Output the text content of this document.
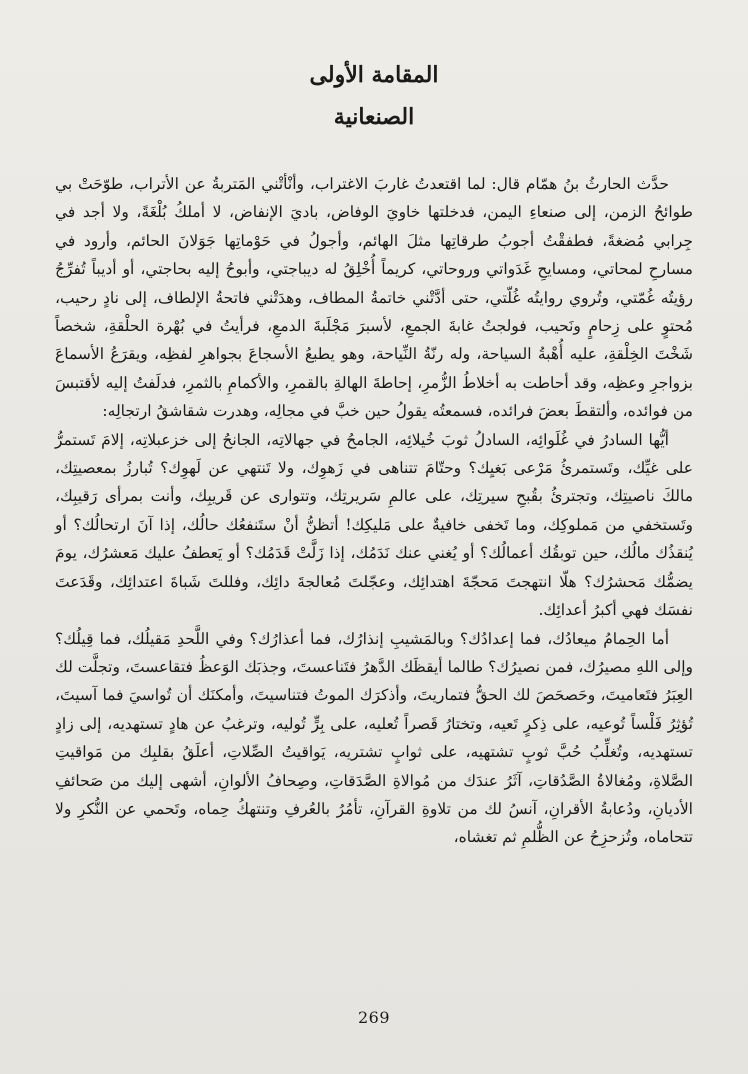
المقامة الأولى
الصنعانية

حدَّث الحارثُ بنُ همّام قال: لما اقتعدتُ غاربَ الاغتراب، وأنْأتْني المَتربةُ عن الأتراب، طوّحَتْ بي طوائحُ الزمن، إلى صنعاءِ اليمن، فدخلتها خاويَ الوفاض، باديَ الإنفاض، لا أملكُ بُلْغَةً، ولا أجد في جِرابي مُضغةً، فطفقْتُ أجوبُ طرقاتِها مثلَ الهائم، وأجولُ في حَوْماتِها جَوَلانَ الحائم، وأرود في مسارحِ لمحاتي، ومسايحِ غَدَواتي وروحاتي، كريماً أُخْلِقُ له ديباجتي، وأبوحُ إليه بحاجتي، أو أديباً تُفرِّجُ رؤيتُه غُمّتي، وتُروي روايتُه غُلّتي، حتى أدَّتْني خاتمةُ المطاف، وهدَتْني فاتحةُ الإلطاف، إلى نادٍ رحيب، مُحتوٍ على زِحامٍ ونَحيب، فولجتُ غابةَ الجمعِ، لأسبرَ مَجْلَبةَ الدمعِ، فرأيتُ في بُهْرة الحلْقةِ، شخصاً شَخْتَ الخِلْقةِ، عليه أُهْبةُ السياحة، وله رنّةُ النِّياحة، وهو يطبعُ الأسجاعَ بجواهرِ لفظِه، ويقرَعُ الأسماعَ بزواجرِ وعظِه، وقد أحاطت به أخلاطُ الزُّمرِ، إحاطةَ الهالةِ بالقمرِ، والأكمامِ بالثمرِ، فدلَفتُ إليه لأقتبسَ من فوائده، وألتقطَ بعضَ فرائده، فسمعتُه يقولُ حين خبَّ في مجالِه، وهدرت شقاشقُ ارتجالِه:

أيُّها السادرُ في غُلَوائِه، السادلُ ثوبَ خُيلائِه، الجامحُ في جهالاتِه، الجانحُ إلى خزعبلاتِه، إلامَ تَستمرُّ على غيِّك، وتَستمرئُ مَرْعى بَغيِك؟ وحتّامَ تتناهى في زَهوِك، ولا تَنتهي عن لَهوِك؟ تُبارزُ بمعصيتِك، مالكَ ناصيتِك، وتجترئُ بقُبحِ سيرتِك، على عالمِ سَريرتِك، وتتوارى عن قَريبِك، وأنت بمرأى رَقيبِك، وتَستخفي من مَملوكِك، وما تَخفى خافيةٌ على مَليكِك! أتظنُّ أنْ ستَنفعُك حالُك، إذا آنَ ارتحالُك؟ أو يُنقذُك مالُك، حين توبقُك أعمالُك؟ أو يُغني عنك نَدَمُك، إذا زَلَّتْ قَدَمُك؟ أو يَعطفُ عليك مَعشرُك، يومَ يضمُّك مَحشرُك؟ هلّا انتهجتَ مَحجّةَ اهتدائِك، وعجّلتَ مُعالجةَ دائِك، وفللتَ شَباةَ اعتدائِك، وقَدَعتَ نفسَك فهي أكبرُ أعدائِك.

أما الحِمامُ ميعادُك، فما إعدادُك؟ وبالمَشيبِ إنذارُك، فما أعذارُك؟ وفي اللَّحدِ مَقيلُك، فما قِيلُك؟ وإلى اللهِ مصيرُك، فمن نصيرُك؟ طالما أيقظَك الدَّهرُ فتَناعستَ، وجذبَك الوَعظُ فتقاعستَ، وتجلَّت لك العِبَرُ فتَعاميتَ، وحَصحَصَ لك الحقُّ فتماريتَ، وأذكرَك الموتُ فتناسيتَ، وأمكنَك أن تُواسيَ فما آسيتَ، تُؤثِرُ فَلْساً تُوعيه، على ذِكرٍ تَعيه، وتختارُ قَصراً تُعليه، على بِرٍّ تُوليه، وترغبُ عن هادٍ تستهديه، إلى زادٍ تستهديه، وتُغلِّبُ حُبَّ ثوبٍ تشتهيه، على ثوابٍ تشتريه، يَواقيتُ الصِّلاتِ، أعلَقُ بقلبِك من مَواقيتِ الصَّلاةِ، ومُغالاةُ الصَّدُقاتِ، آثَرُ عندَك من مُوالاةِ الصَّدَقاتِ، وصِحافُ الألوانِ، أشهى إليك من صَحائفِ الأديانِ، ودُعابةُ الأقرانِ، آنسُ لك من تلاوةِ القرآنِ، تأمُرُ بالعُرفِ وتنتهكُ حِماه، وتَحمي عن النُّكرِ ولا تتحاماه، وتُزحزِحُ عن الظُّلمِ ثم تغشاه،

269
